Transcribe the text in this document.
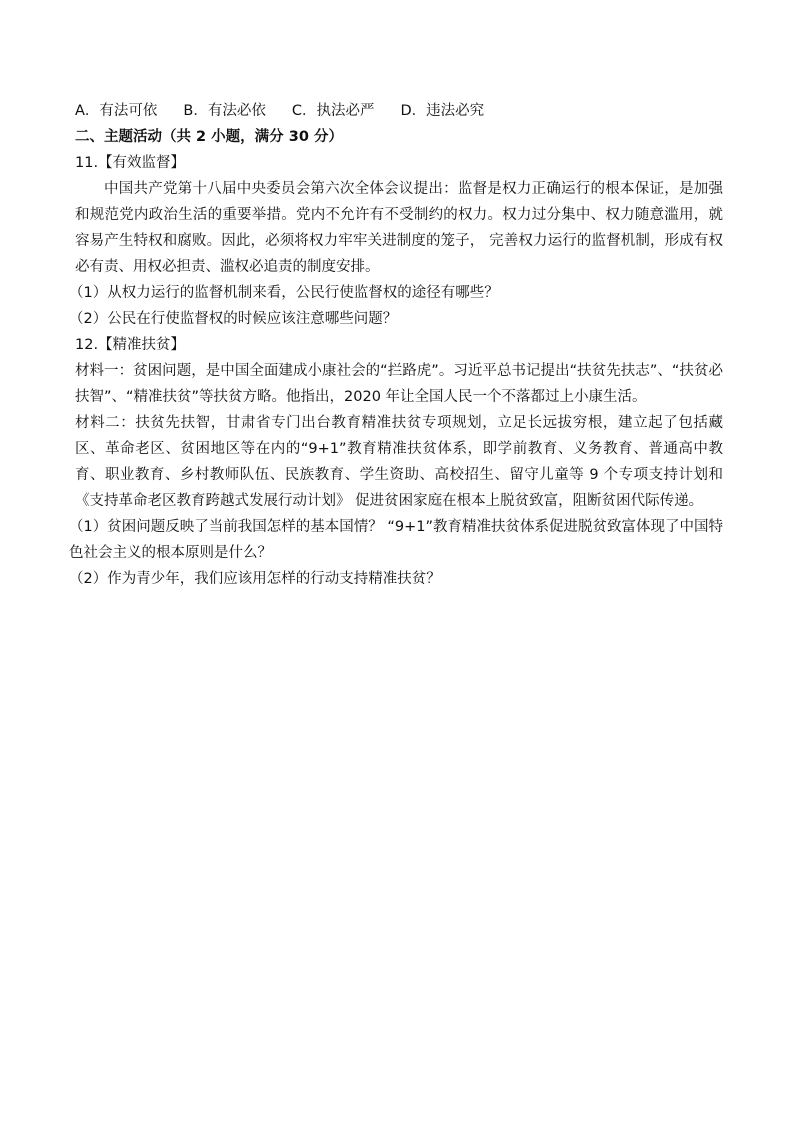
A．有法可依 B．有法必依 C．执法必严 D．违法必究

二、主题活动（共 2 小题，满分 30 分）

11.【有效监督】

中国共产党第十八届中央委员会第六次全体会议提出：监督是权力正确运行的根本保证，是加强和规范党内政治生活的重要举措。党内不允许有不受制约的权力。权力过分集中、权力随意滥用，就容易产生特权和腐败。因此，必须将权力牢牢关进制度的笼子， 完善权力运行的监督机制，形成有权必有责、用权必担责、滥权必追责的制度安排。

（1）从权力运行的监督机制来看，公民行使监督权的途径有哪些？

（2）公民在行使监督权的时候应该注意哪些问题？

12.【精准扶贫】

材料一：贫困问题，是中国全面建成小康社会的“拦路虎”。习近平总书记提出“扶贫先扶志”、“扶贫必扶智”、“精准扶贫”等扶贫方略。他指出，2020 年让全国人民一个不落都过上小康生活。

材料二：扶贫先扶智，甘肃省专门出台教育精准扶贫专项规划，立足长远拔穷根，建立起了包括藏区、革命老区、贫困地区等在内的“9+1”教育精准扶贫体系，即学前教育、义务教育、普通高中教育、职业教育、乡村教师队伍、民族教育、学生资助、高校招生、留守儿童等 9 个专项支持计划和《支持革命老区教育跨越式发展行动计划》 促进贫困家庭在根本上脱贫致富，阻断贫困代际传递。

（1）贫困问题反映了当前我国怎样的基本国情？ “9+1”教育精准扶贫体系促进脱贫致富体现了中国特色社会主义的根本原则是什么？

（2）作为青少年，我们应该用怎样的行动支持精准扶贫？
